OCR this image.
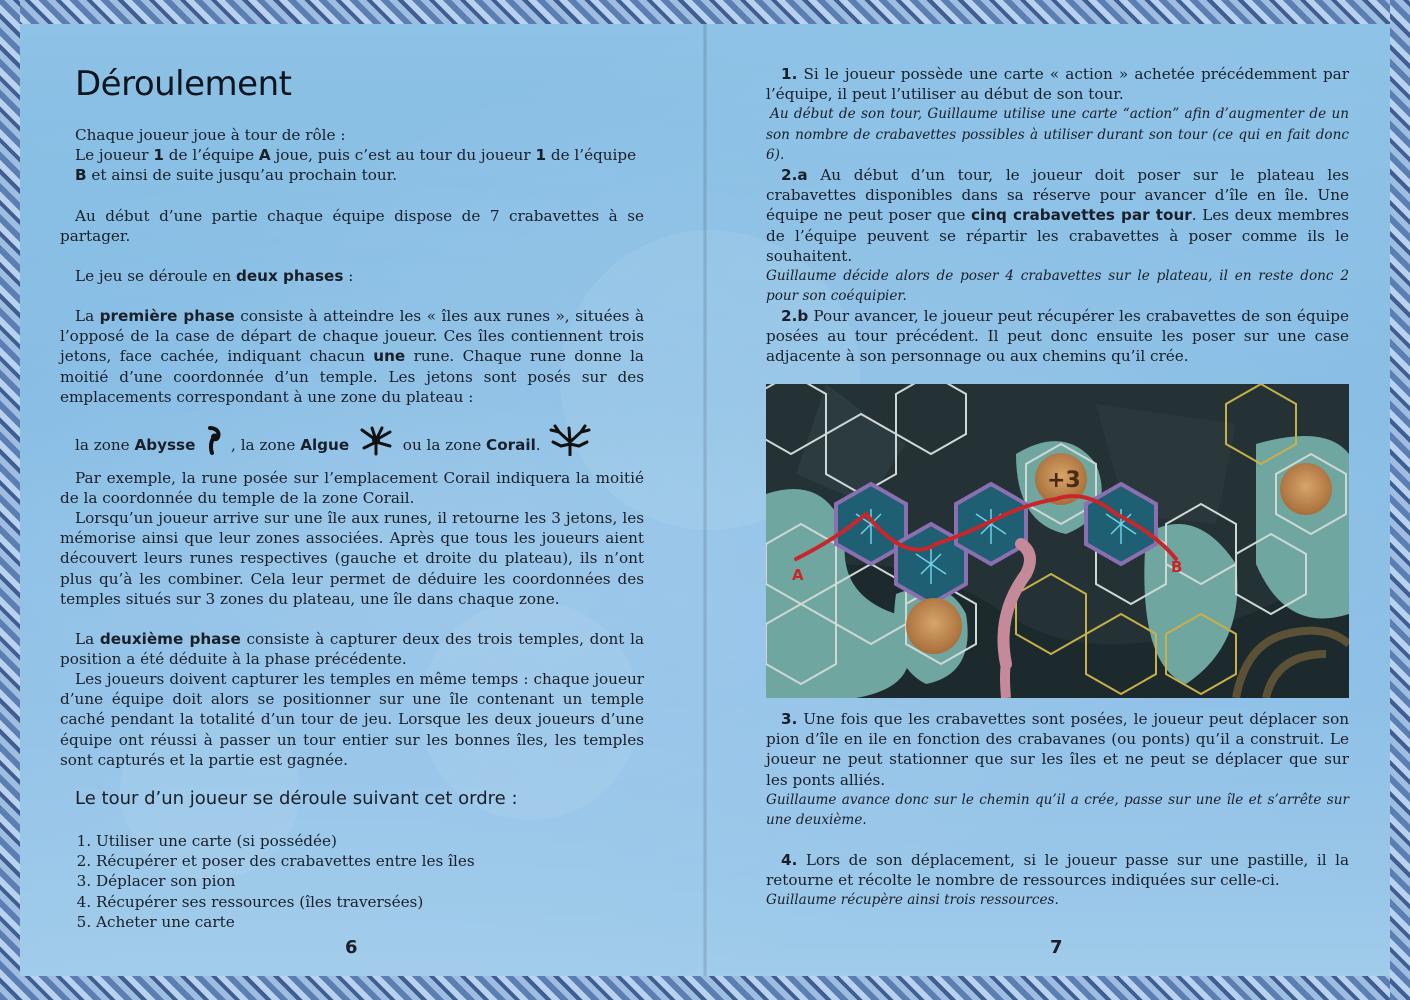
Déroulement

Chaque joueur joue à tour de rôle :

Le joueur 1 de l’équipe A joue, puis c’est au tour du joueur 1 de l’équipe
B et ainsi de suite jusqu’au prochain tour.

Au début d’une partie chaque équipe dispose de 7 crabavettes à se partager.

Le jeu se déroule en deux phases :

La première phase consiste à atteindre les « îles aux runes », situées à l’opposé de la case de départ de chaque joueur. Ces îles contiennent trois jetons, face cachée, indiquant chacun une rune. Chaque rune donne la moitié d’une coordonnée d’un temple. Les jetons sont posés sur des emplacements correspondant à une zone du plateau :

la zone Abysse , la zone Algue	ou la zone Corail.

Par exemple, la rune posée sur l’emplacement Corail indiquera la moitié de la coordonnée du temple de la zone Corail.

Lorsqu’un joueur arrive sur une île aux runes, il retourne les 3 jetons, les mémorise ainsi que leur zones associées. Après que tous les joueurs aient découvert leurs runes respectives (gauche et droite du plateau), ils n’ont plus qu’à les combiner. Cela leur permet de déduire les coordonnées des temples situés sur 3 zones du plateau, une île dans chaque zone.

La deuxième phase consiste à capturer deux des trois temples, dont la position a été déduite à la phase précédente.

Les joueurs doivent capturer les temples en même temps : chaque joueur d’une équipe doit alors se positionner sur une île contenant un temple caché pendant la totalité d’un tour de jeu. Lorsque les deux joueurs d’une équipe ont réussi à passer un tour entier sur les bonnes îles, les temples sont capturés et la partie est gagnée.

Le tour d’un joueur se déroule suivant cet ordre :

1. Utiliser une carte (si possédée)
2. Récupérer et poser des crabavettes entre les îles
3. Déplacer son pion
4. Récupérer ses ressources (îles traversées)
5. Acheter une carte
6

1. Si le joueur possède une carte « action » achetée précédemment par l’équipe, il peut l’utiliser au début de son tour.

Au début de son tour, Guillaume utilise une carte “action” afin d’augmenter de un son nombre de crabavettes possibles à utiliser durant son tour (ce qui en fait donc 6).

2.a Au début d’un tour, le joueur doit poser sur le plateau les crabavettes disponibles dans sa réserve pour avancer d’île en île. Une équipe ne peut poser que cinq crabavettes par tour. Les deux membres de l’équipe peuvent se répartir les crabavettes à poser comme ils le souhaitent.

Guillaume décide alors de poser 4 crabavettes sur le plateau, il en reste donc 2 pour son coéquipier.

2.b Pour avancer, le joueur peut récupérer les crabavettes de son équipe posées au tour précédent. Il peut donc ensuite les poser sur une case adjacente à son personnage ou aux chemins qu’il crée.

3. Une fois que les crabavettes sont posées, le joueur peut déplacer son pion d’île en ile en fonction des crabavanes (ou ponts) qu’il a construit. Le joueur ne peut stationner que sur les îles et ne peut se déplacer que sur les ponts alliés.

Guillaume avance donc sur le chemin qu’il a crée, passe sur une île et s’arrête sur une deuxième.

4. Lors de son déplacement, si le joueur passe sur une pastille, il la retourne et récolte le nombre de ressources indiquées sur celle-ci.

Guillaume récupère ainsi trois ressources.

+3
A	B
7
